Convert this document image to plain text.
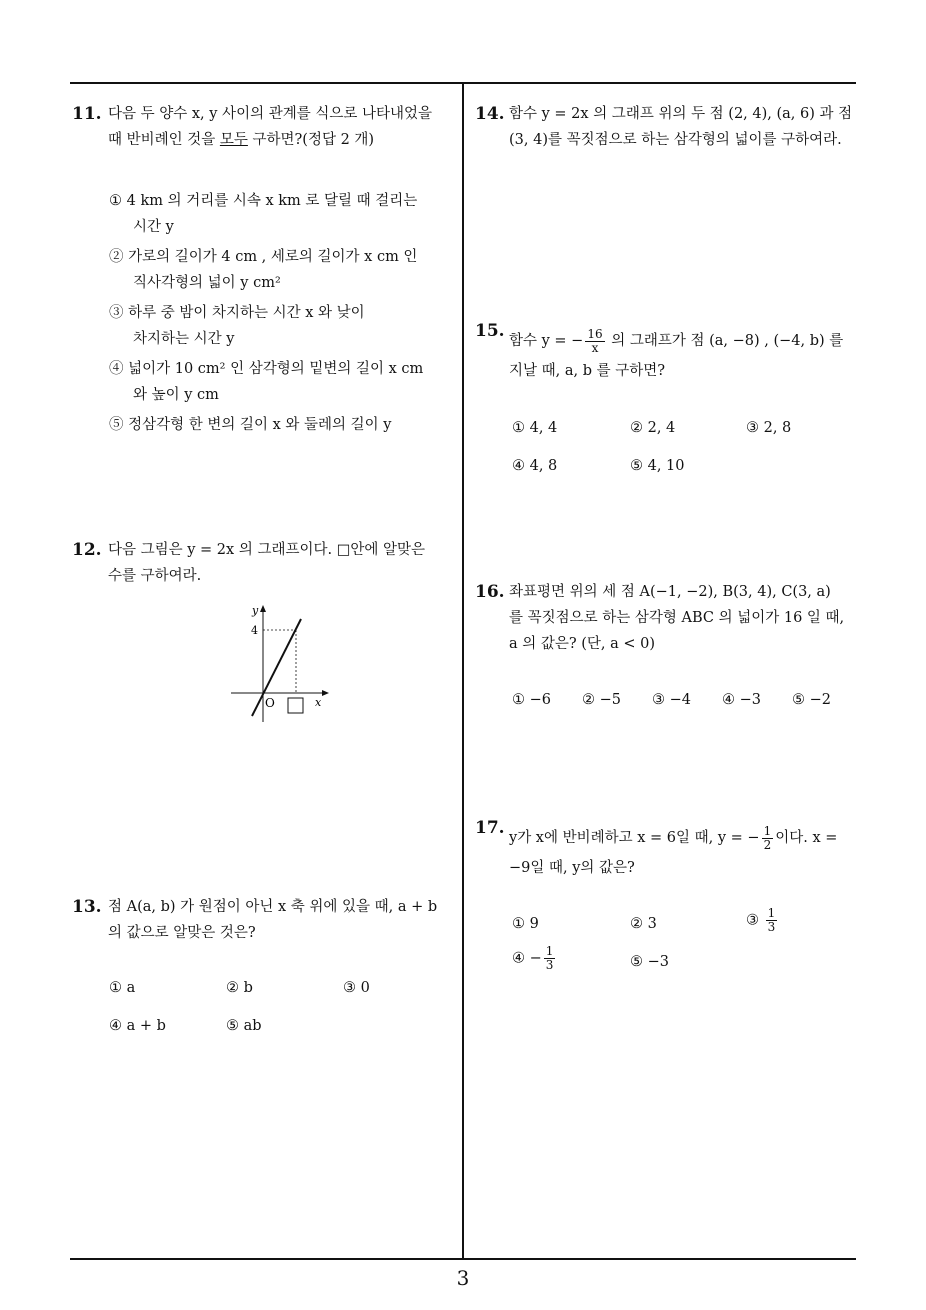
11. 다음 두 양수 x, y 사이의 관계를 식으로 나타내었을
때 반비례인 것을 모두 구하면?(정답 2 개)
① 4 km 의 거리를 시속 x km 로 달릴 때 걸리는
시간 y
② 가로의 길이가 4 cm , 세로의 길이가 x cm 인
직사각형의 넓이 y cm²
③ 하루 중 밤이 차지하는 시간 x 와 낮이
차지하는 시간 y
④ 넓이가 10 cm² 인 삼각형의 밑변의 길이 x cm
와 높이 y cm
⑤ 정삼각형 한 변의 길이 x 와 둘레의 길이 y
12. 다음 그림은 y = 2x 의 그래프이다. □안에 알맞은
수를 구하여라.
y
4
O	x
13. 점 A(a, b) 가 원점이 아닌 x 축 위에 있을 때, a + b
의 값으로 알맞은 것은?
① a	② b	③ 0
④ a + b	⑤ ab
14. 함수 y = 2x 의 그래프 위의 두 점 (2, 4), (a, 6) 과 점
(3, 4)를 꼭짓점으로 하는 삼각형의 넓이를 구하여라.
15. 함수 y = − $\frac{16}{x}$ 의 그래프가 점 (a, −8) , (−4, b) 를
지날 때, a, b 를 구하면?
① 4, 4	② 2, 4	③ 2, 8
④ 4, 8	⑤ 4, 10
16. 좌표평면 위의 세 점 A(−1, −2), B(3, 4), C(3, a)
를 꼭짓점으로 하는 삼각형 ABC 의 넓이가 16 일 때,
a 의 값은? (단, a < 0)
① −6 ② −5 ③ −4 ④ −3 ⑤ −2
17. y가 x에 반비례하고 x = 6일 때, y = − $\frac{1}{2}$ 이다. x =
−9일 때, y의 값은?
① 9	② 3	③ $\frac{1}{3}$
④ − $\frac{1}{3}$	⑤ −3
3
